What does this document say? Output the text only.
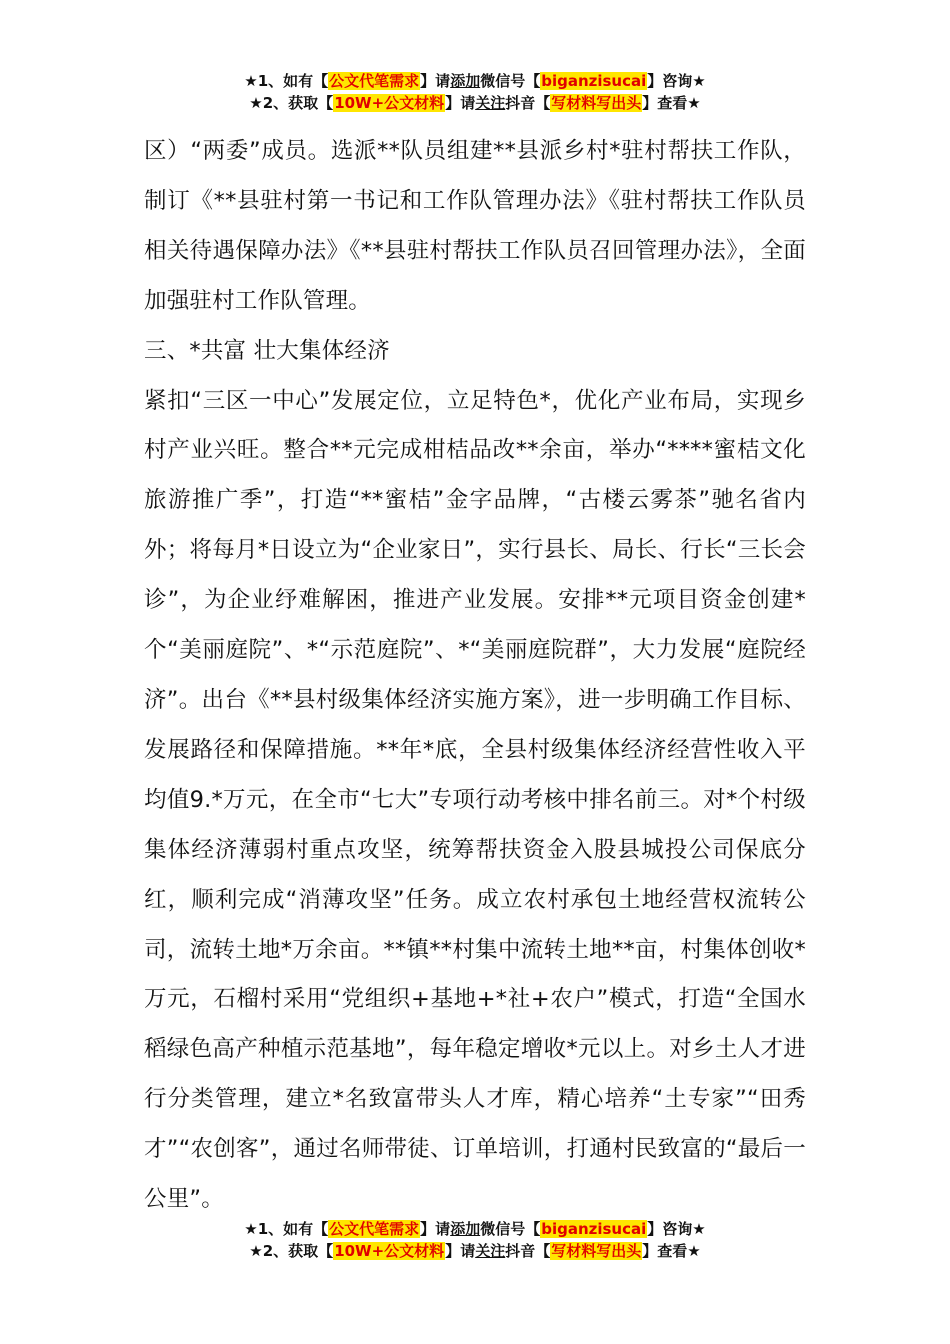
★1、如有【公文代笔需求】请添加微信号【biganzisucai】咨询★
★2、获取【10W+公文材料】请关注抖音【写材料写出头】查看★

区）“两委”成员。选派**队员组建**县派乡村*驻村帮扶工作队，制订《**县驻村第一书记和工作队管理办法》《驻村帮扶工作队员相关待遇保障办法》《**县驻村帮扶工作队员召回管理办法》，全面加强驻村工作队管理。

三、*共富 壮大集体经济

紧扣“三区一中心”发展定位，立足特色*，优化产业布局，实现乡村产业兴旺。整合**元完成柑桔品改**余亩，举办“****蜜桔文化旅游推广季”，打造“**蜜桔”金字品牌，“古楼云雾茶”驰名省内外；将每月*日设立为“企业家日”，实行县长、局长、行长“三长会诊”，为企业纾难解困，推进产业发展。安排**元项目资金创建*个“美丽庭院”、*“示范庭院”、*“美丽庭院群”，大力发展“庭院经济”。出台《**县村级集体经济实施方案》，进一步明确工作目标、发展路径和保障措施。**年*底，全县村级集体经济经营性收入平均值9.*万元，在全市“七大”专项行动考核中排名前三。对*个村级集体经济薄弱村重点攻坚，统筹帮扶资金入股县城投公司保底分红，顺利完成“消薄攻坚”任务。成立农村承包土地经营权流转公司，流转土地*万余亩。**镇**村集中流转土地**亩，村集体创收*万元，石榴村采用“党组织+基地+*社+农户”模式，打造“全国水稻绿色高产种植示范基地”，每年稳定增收*元以上。对乡土人才进行分类管理，建立*名致富带头人才库，精心培养“土专家”“田秀才”“农创客”，通过名师带徒、订单培训，打通村民致富的“最后一公里”。

★1、如有【公文代笔需求】请添加微信号【biganzisucai】咨询★
★2、获取【10W+公文材料】请关注抖音【写材料写出头】查看★
